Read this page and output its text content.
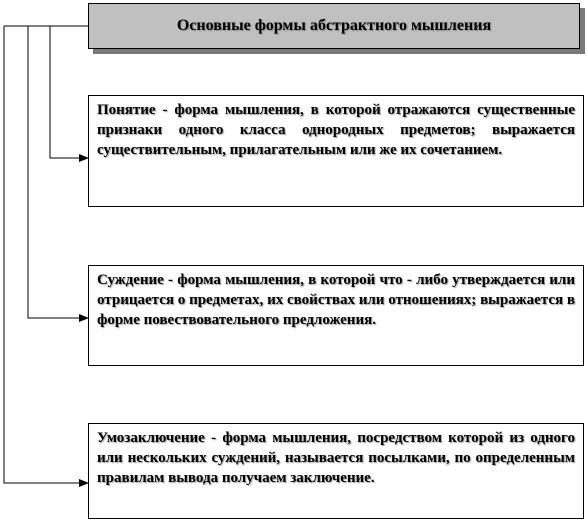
Основные формы абстрактного мышления
Понятие - форма мышления, в которой отражаются существенные признаки одного класса однородных предметов; выражается существительным, прилагательным или же их сочетанием.
Суждение - форма мышления, в которой что - либо утверждается или отрицается о предметах, их свойствах или отношениях; выражается в форме повествовательного предложения.
Умозаключение - форма мышления, посредством которой из одного или нескольких суждений, называется посылками, по определенным правилам вывода получаем заключение.
